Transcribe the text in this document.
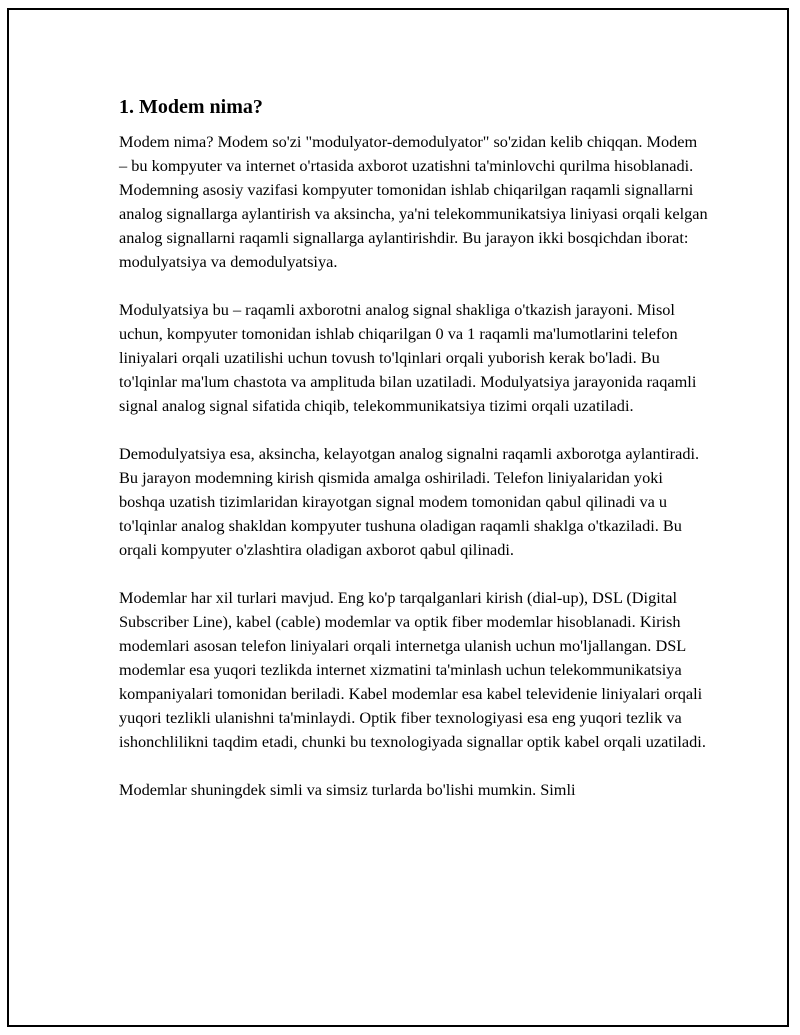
1. Modem nima?

Modem nima? Modem so'zi "modulyator-demodulyator" so'zidan kelib chiqqan. Modem – bu kompyuter va internet o'rtasida axborot uzatishni ta'minlovchi qurilma hisoblanadi. Modemning asosiy vazifasi kompyuter tomonidan ishlab chiqarilgan raqamli signallarni analog signallarga aylantirish va aksincha, ya'ni telekommunikatsiya liniyasi orqali kelgan analog signallarni raqamli signallarga aylantirishdir. Bu jarayon ikki bosqichdan iborat: modulyatsiya va demodulyatsiya.

Modulyatsiya bu – raqamli axborotni analog signal shakliga o'tkazish jarayoni. Misol uchun, kompyuter tomonidan ishlab chiqarilgan 0 va 1 raqamli ma'lumotlarini telefon liniyalari orqali uzatilishi uchun tovush to'lqinlari orqali yuborish kerak bo'ladi. Bu to'lqinlar ma'lum chastota va amplituda bilan uzatiladi. Modulyatsiya jarayonida raqamli signal analog signal sifatida chiqib, telekommunikatsiya tizimi orqali uzatiladi.

Demodulyatsiya esa, aksincha, kelayotgan analog signalni raqamli axborotga aylantiradi. Bu jarayon modemning kirish qismida amalga oshiriladi. Telefon liniyalaridan yoki boshqa uzatish tizimlaridan kirayotgan signal modem tomonidan qabul qilinadi va u to'lqinlar analog shakldan kompyuter tushuna oladigan raqamli shaklga o'tkaziladi. Bu orqali kompyuter o'zlashtira oladigan axborot qabul qilinadi.

Modemlar har xil turlari mavjud. Eng ko'p tarqalganlari kirish (dial-up), DSL (Digital Subscriber Line), kabel (cable) modemlar va optik fiber modemlar hisoblanadi. Kirish modemlari asosan telefon liniyalari orqali internetga ulanish uchun mo'ljallangan. DSL modemlar esa yuqori tezlikda internet xizmatini ta'minlash uchun telekommunikatsiya kompaniyalari tomonidan beriladi. Kabel modemlar esa kabel televidenie liniyalari orqali yuqori tezlikli ulanishni ta'minlaydi. Optik fiber texnologiyasi esa eng yuqori tezlik va ishonchlilikni taqdim etadi, chunki bu texnologiyada signallar optik kabel orqali uzatiladi.

Modemlar shuningdek simli va simsiz turlarda bo'lishi mumkin. Simli
